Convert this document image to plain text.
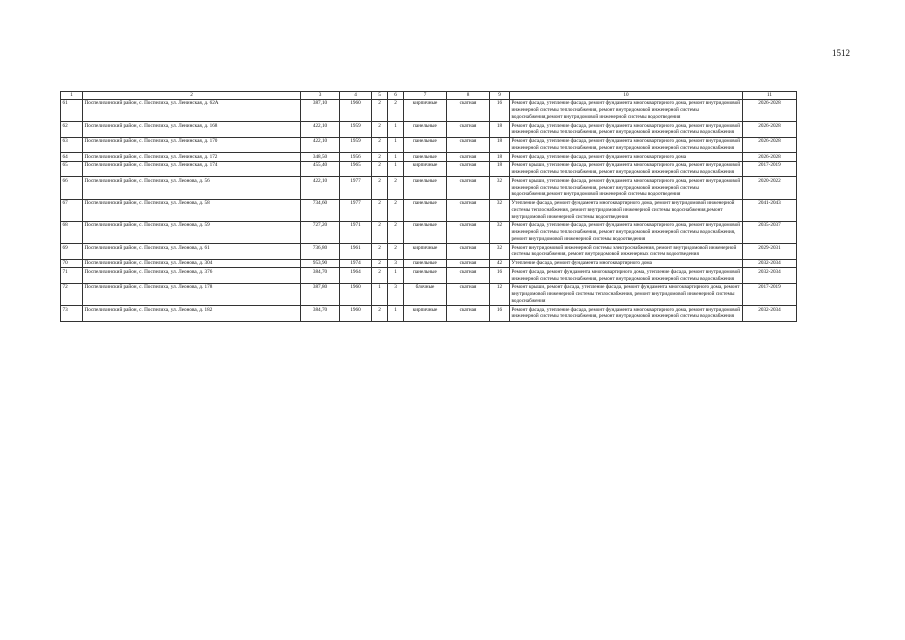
1512
1	2	3	4	5	6	7	8	9	10	11
61	Поспелихинский район, с. Поспелиха, ул. Ленинская, д. 62А	387,10	1960	2	2	кирпичные	скатная	16	Ремонт фасада, утепление фасада, ремонт фундамента многоквартирного дома, ремонт внутридомовой инженерной системы теплоснабжения, ремонт внутридомовой инженерной системы водоснабжения,ремонт внутридомовой инженерной системы водоотведения	2026-2028
62	Поспелихинский район, с. Поспелиха, ул. Ленинская, д. 168	422,10	1959	2	1	панельные	скатная	18	Ремонт фасада, утепление фасада, ремонт фундамента многоквартирного дома, ремонт внутридомовой инженерной системы теплоснабжения, ремонт внутридомовой инженерной системы водоснабжения	2026-2028
63	Поспелихинский район, с. Поспелиха, ул. Ленинская, д. 170	422,10	1959	2	1	панельные	скатная	18	Ремонт фасада, утепление фасада, ремонт фундамента многоквартирного дома, ремонт внутридомовой инженерной системы теплоснабжения, ремонт внутридомовой инженерной системы водоснабжения	2026-2028
64	Поспелихинский район, с. Поспелиха, ул. Ленинская, д. 172	348,50	1956	2	1	панельные	скатная	18	Ремонт фасада, утепление фасада, ремонт фундамента многоквартирного дома	2026-2028
65	Поспелихинский район, с. Поспелиха, ул. Ленинская, д. 174	455,40	1965	2	1	кирпичные	скатная	18	Ремонт крыши, утепление фасада, ремонт фундамента многоквартирного дома, ремонт внутридомовой инженерной системы теплоснабжения, ремонт внутридомовой инженерной системы водоснабжения	2017-2019
66	Поспелихинский район, с. Поспелиха, ул. Леонова, д. 56	422,10	1977	2	2	панельные	скатная	32	Ремонт крыши, утепление фасада, ремонт фундамента многоквартирного дома, ремонт внутридомовой инженерной системы теплоснабжения, ремонт внутридомовой инженерной системы водоснабжения,ремонт внутридомовой инженерной системы водоотведения	2020-2022
67	Поспелихинский район, с. Поспелиха, ул. Леонова, д. 58	734,60	1977	2	2	панельные	скатная	32	Утепление фасада, ремонт фундамента многоквартирного дома, ремонт внутридомовой инженерной системы теплоснабжения, ремонт внутридомовой инженерной системы водоснабжения,ремонт внутридомовой инженерной системы водоотведения	2041-2043
68	Поспелихинский район, с. Поспелиха, ул. Леонова, д. 59	727,20	1971	2	2	панельные	скатная	32	Ремонт фасада, утепление фасада, ремонт фундамента многоквартирного дома, ремонт внутридомовой инженерной системы теплоснабжения, ремонт внутридомовой инженерной системы водоснабжения, ремонт внутридомовой инженерной системы водоотведения	2035-2037
69	Поспелихинский район, с. Поспелиха, ул. Леонова, д. 61	736,80	1961	2	2	кирпичные	скатная	32	Ремонт внутридомовой инженерной системы электроснабжения, ремонт внутридомовой инженерной системы водоснабжения, ремонт внутридомовой инженерных систем водоотведения	2029-2031
70	Поспелихинский район, с. Поспелиха, ул. Леонова, д. 304	953,90	1974	2	3	панельные	скатная	42	Утепление фасада, ремонт фундамента многоквартирного дома	2032-2034
71	Поспелихинский район, с. Поспелиха, ул. Леонова, д. 376	384,70	1964	2	1	панельные	скатная	16	Ремонт фасада, ремонт фундамента многоквартирного дома, утепление фасада, ремонт внутридомовой инженерной системы теплоснабжения, ремонт внутридомовой инженерной системы водоснабжения	2032-2034
72	Поспелихинский район, с. Поспелиха, ул. Леонова, д. 178	387,80	1960	1	3	блочные	скатная	12	Ремонт крыши, ремонт фасада, утепление фасада, ремонт фундамента многоквартирного дома, ремонт внутридомовой инженерной системы теплоснабжения, ремонт внутридомовой инженерной системы водоснабжения	2017-2019
73	Поспелихинский район, с. Поспелиха, ул. Леонова, д. 182	384,70	1960	2	1	кирпичные	скатная	16	Ремонт фасада, утепление фасада, ремонт фундамента многоквартирного дома, ремонт внутридомовой инженерной системы теплоснабжения, ремонт внутридомовой инженерной системы водоснабжения	2032-2034
